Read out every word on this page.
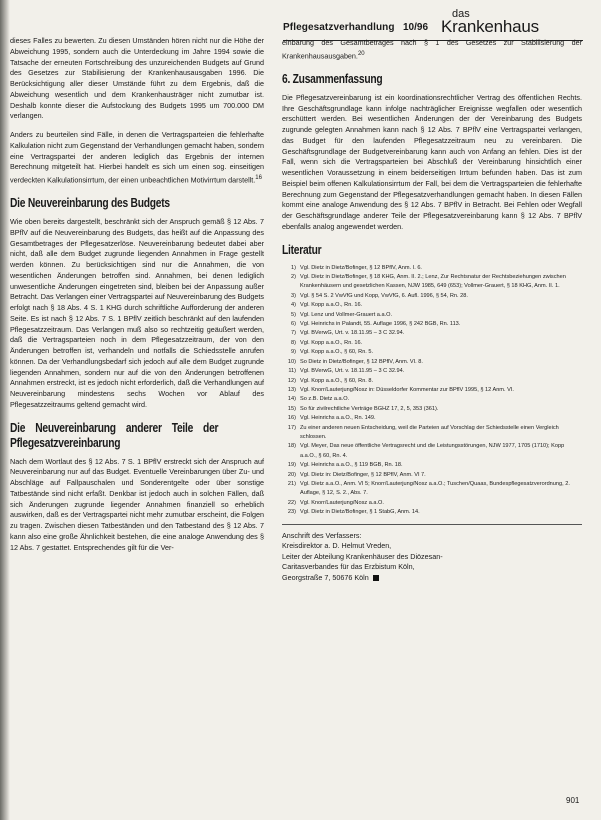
Pflegesatzverhandlung 10/96
das
Krankenhaus

dieses Falles zu bewerten. Zu diesen Umständen hören nicht nur die Höhe der Abweichung 1995, sondern auch die Unterdeckung im Jahre 1994 sowie die Tatsache der erneuten Fortschreibung des unzureichenden Budgets auf Grund des Gesetzes zur Stabilisierung der Krankenhausausgaben 1996. Die Berücksichtigung aller dieser Umstände führt zu dem Ergebnis, daß die Abweichung wesentlich und dem Krankenhausträger nicht zumutbar ist. Deshalb konnte dieser die Aufstockung des Budgets 1995 um 700.000 DM verlangen.

Anders zu beurteilen sind Fälle, in denen die Vertragsparteien die fehlerhafte Kalkulation nicht zum Gegenstand der Verhandlungen gemacht haben, sondern eine Vertragspartei der anderen lediglich das Ergebnis der internen Berechnung mitgeteilt hat. Hierbei handelt es sich um einen sog. einseitigen verdeckten Kalkulationsirrtum, der einen unbeachtlichen Motivirrtum darstellt.$^{16}$

Die Neuvereinbarung des Budgets

Wie oben bereits dargestellt, beschränkt sich der Anspruch gemäß § 12 Abs. 7 BPflV auf die Neuvereinbarung des Budgets, das heißt auf die Anpassung des Gesamtbetrages der Pflegesatzerlöse. Neuvereinbarung bedeutet dabei aber nicht, daß alle dem Budget zugrunde liegenden Annahmen in Frage gestellt werden können. Zu berücksichtigen sind nur die Annahmen, die von wesentlichen Änderungen betroffen sind. Annahmen, bei denen lediglich unwesentliche Änderungen eingetreten sind, bleiben bei der Anpassung außer Betracht. Das Verlangen einer Vertragspartei auf Neuvereinbarung des Budgets erfolgt nach § 18 Abs. 4 S. 1 KHG durch schriftliche Aufforderung der anderen Seite. Es ist nach § 12 Abs. 7 S. 1 BPflV zeitlich beschränkt auf den laufenden Pflegesatzzeitraum. Das Verlangen muß also so rechtzeitig geäußert werden, daß die Vertragsparteien noch in dem Pflegesatzzeitraum, der von den Änderungen betroffen ist, verhandeln und notfalls die Schiedsstelle anrufen können. Da der Verhandlungsbedarf sich jedoch auf alle dem Budget zugrunde liegenden Annahmen, sondern nur auf die von den Änderungen betroffenen Annahmen erstreckt, ist es jedoch nicht erforderlich, daß die Verhandlungen auf Neuvereinbarung mindestens sechs Wochen vor Ablauf des Pflegesatzzeitraums geltend gemacht wird.

Die Neuvereinbarung anderer Teile der Pflegesatzvereinbarung

Nach dem Wortlaut des § 12 Abs. 7 S. 1 BPflV erstreckt sich der Anspruch auf Neuvereinbarung nur auf das Budget. Eventuelle Vereinbarungen über Zu- und Abschläge auf Fallpauschalen und Sonderentgelte oder über sonstige Tatbestände sind nicht erfaßt. Denkbar ist jedoch auch in solchen Fällen, daß sich Änderungen zugrunde liegender Annahmen finanziell so erheblich auswirken, daß es der Vertragspartei nicht mehr zumutbar erscheint, die Folgen zu tragen. Zwischen diesen Tatbeständen und den Tatbestand des § 12 Abs. 7 kann also eine große Ähnlichkeit bestehen, die eine analoge Anwendung des § 12 Abs. 7 gestattet. Entsprechendes gilt für die Ver-

einbarung des Gesamtbetrages nach § 1 des Gesetzes zur Stabilisierung der Krankenhausausgaben.$^{20}$

6. Zusammenfassung

Die Pflegesatzvereinbarung ist ein koordinationsrechtlicher Vertrag des öffentlichen Rechts. Ihre Geschäftsgrundlage kann infolge nachträglicher Ereignisse wegfallen oder wesentlich erschüttert werden. Bei wesentlichen Änderungen der der Vereinbarung des Budgets zugrunde gelegten Annahmen kann nach § 12 Abs. 7 BPflV eine Vertragspartei verlangen, das Budget für den laufenden Pflegesatzzeitraum neu zu vereinbaren. Die Geschäftsgrundlage der Budgetvereinbarung kann auch von Anfang an fehlen. Dies ist der Fall, wenn sich die Vertragsparteien bei Abschluß der Vereinbarung hinsichtlich einer wesentlichen Voraussetzung in einem beiderseitigen Irrtum befunden haben. Das ist zum Beispiel beim offenen Kalkulationsirrtum der Fall, bei dem die Vertragsparteien die fehlerhafte Berechnung zum Gegenstand der Pflegesatzverhandlungen gemacht haben. In diesen Fällen kommt eine analoge Anwendung des § 12 Abs. 7 BPflV in Betracht. Bei Fehlen oder Wegfall der Geschäftsgrundlage anderer Teile der Pflegesatzvereinbarung kann § 12 Abs. 7 BPflV ebenfalls analog angewendet werden.

Literatur
1) Vgl. Dietz in Dietz/Bofinger, § 12 BPflV, Anm. I. 6.
2) Vgl. Dietz in Dietz/Bofinger, § 18 KHG, Anm. II. 2.; Lenz, Zur Rechtsnatur der Rechtsbeziehungen zwischen Krankenhäusern und gesetzlichen Kassen, NJW 1985, 649 (653); Vollmer-Grauert, § 18 KHG, Anm. II. 1.
3) Vgl. § 54 S. 2 VwVfG und Kopp, VwVfG, 6. Aufl. 1996, § 54, Rn. 28.
4) Vgl. Kopp a.a.O., Rn. 16.
5) Vgl. Lenz und Vollmer-Grauert a.a.O.
6) Vgl. Heinrichs in Palandt, 55. Auflage 1996, § 242 BGB, Rn. 113.
7) Vgl. BVerwG, Urt. v. 18.11.95 – 3 C 32.94.
8) Vgl. Kopp a.a.O., Rn. 16.
9) Vgl. Kopp a.a.O., § 60, Rn. 5.
10) So Dietz in Dietz/Bofinger, § 12 BPflV, Anm. VI. 8.
11) Vgl. BVerwG, Urt. v. 18.11.95 – 3 C 32.94.
12) Vgl. Kopp a.a.O., § 60, Rn. 8.
13) Vgl. Knorr/Lauterjung/Nosz in: Düsseldorfer Kommentar zur BPflV 1995, § 12 Anm. VI.
14) So z.B. Dietz a.a.O.
15) So für zivilrechtliche Verträge BGHZ 17, 2, 5, 353 (361).
16) Vgl. Heinrichs a.a.O., Rn. 149.
17) Zu einer anderen neuen Entscheidung, weil die Parteien auf Vorschlag der Schiedsstelle einen Vergleich schlossen.
18) Vgl. Meyer, Das neue öffentliche Vertragsrecht und die Leistungsstörungen, NJW 1977, 1705 (1710); Kopp a.a.O., § 60, Rn. 4.
19) Vgl. Heinrichs a.a.O., § 119 BGB, Rn. 18.
20) Vgl. Dietz in: Dietz/Bofinger, § 12 BPflV, Anm. VI 7.
21) Vgl. Dietz a.a.O., Anm. VI 5; Knorr/Lauterjung/Nosz a.a.O.; Tuschen/Quaas, Bundespflegesatzverordnung, 2. Auflage, § 12, S. 2., Abs. 7.
22) Vgl. Knorr/Lauterjung/Nosz a.a.O.
23) Vgl. Dietz in Dietz/Bofinger, § 1 StabG, Anm. 14.
Anschrift des Verfassers:
Kreisdirektor a. D. Helmut Vreden,
Leiter der Abteilung Krankenhäuser des Diözesan-
Caritasverbandes für das Erzbistum Köln,
Georgstraße 7, 50676 Köln
901
